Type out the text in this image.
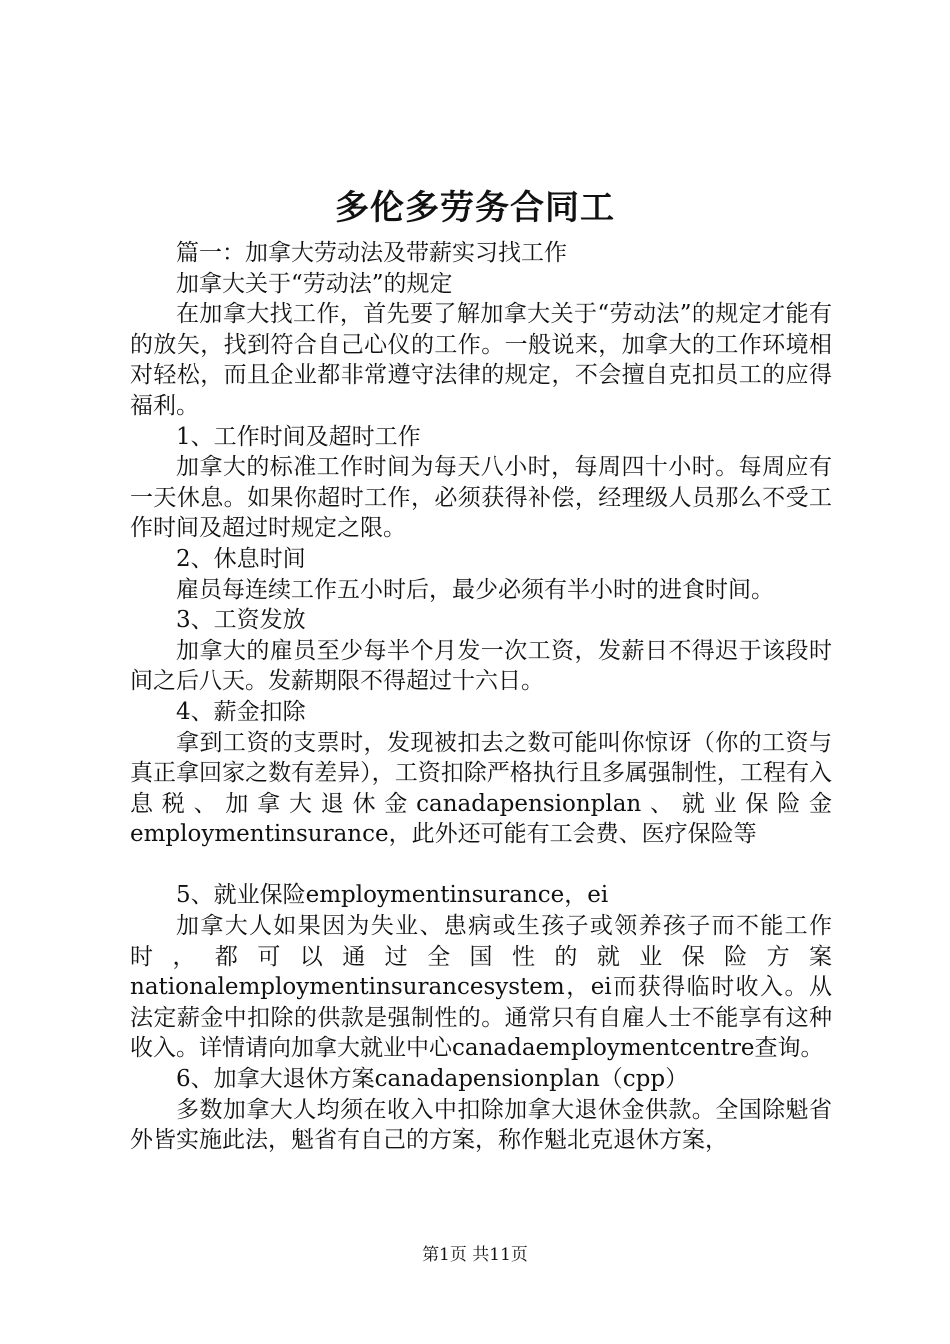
多伦多劳务合同工

篇一：加拿大劳动法及带薪实习找工作

加拿大关于“劳动法”的规定

在加拿大找工作，首先要了解加拿大关于“劳动法”的规定才能有的放矢，找到符合自己心仪的工作。一般说来，加拿大的工作环境相对轻松，而且企业都非常遵守法律的规定，不会擅自克扣员工的应得福利。

1、工作时间及超时工作

加拿大的标准工作时间为每天八小时，每周四十小时。每周应有一天休息。如果你超时工作，必须获得补偿，经理级人员那么不受工作时间及超过时规定之限。

2、休息时间

雇员每连续工作五小时后，最少必须有半小时的进食时间。

3、工资发放

加拿大的雇员至少每半个月发一次工资，发薪日不得迟于该段时间之后八天。发薪期限不得超过十六日。

4、薪金扣除

拿到工资的支票时，发现被扣去之数可能叫你惊讶（你的工资与真正拿回家之数有差异），工资扣除严格执行且多属强制性，工程有入息税、加拿大退休金canadapensionplan、就业保险金employmentinsurance，此外还可能有工会费、医疗保险等

5、就业保险employmentinsurance，ei

加拿大人如果因为失业、患病或生孩子或领养孩子而不能工作时，都可以通过全国性的就业保险方案nationalemploymentinsurancesystem，ei而获得临时收入。从法定薪金中扣除的供款是强制性的。通常只有自雇人士不能享有这种收入。详情请向加拿大就业中心canadaemploymentcentre查询。

6、加拿大退休方案canadapensionplan（cpp）

多数加拿大人均须在收入中扣除加拿大退休金供款。全国除魁省外皆实施此法，魁省有自己的方案，称作魁北克退休方案，

第1页 共11页
